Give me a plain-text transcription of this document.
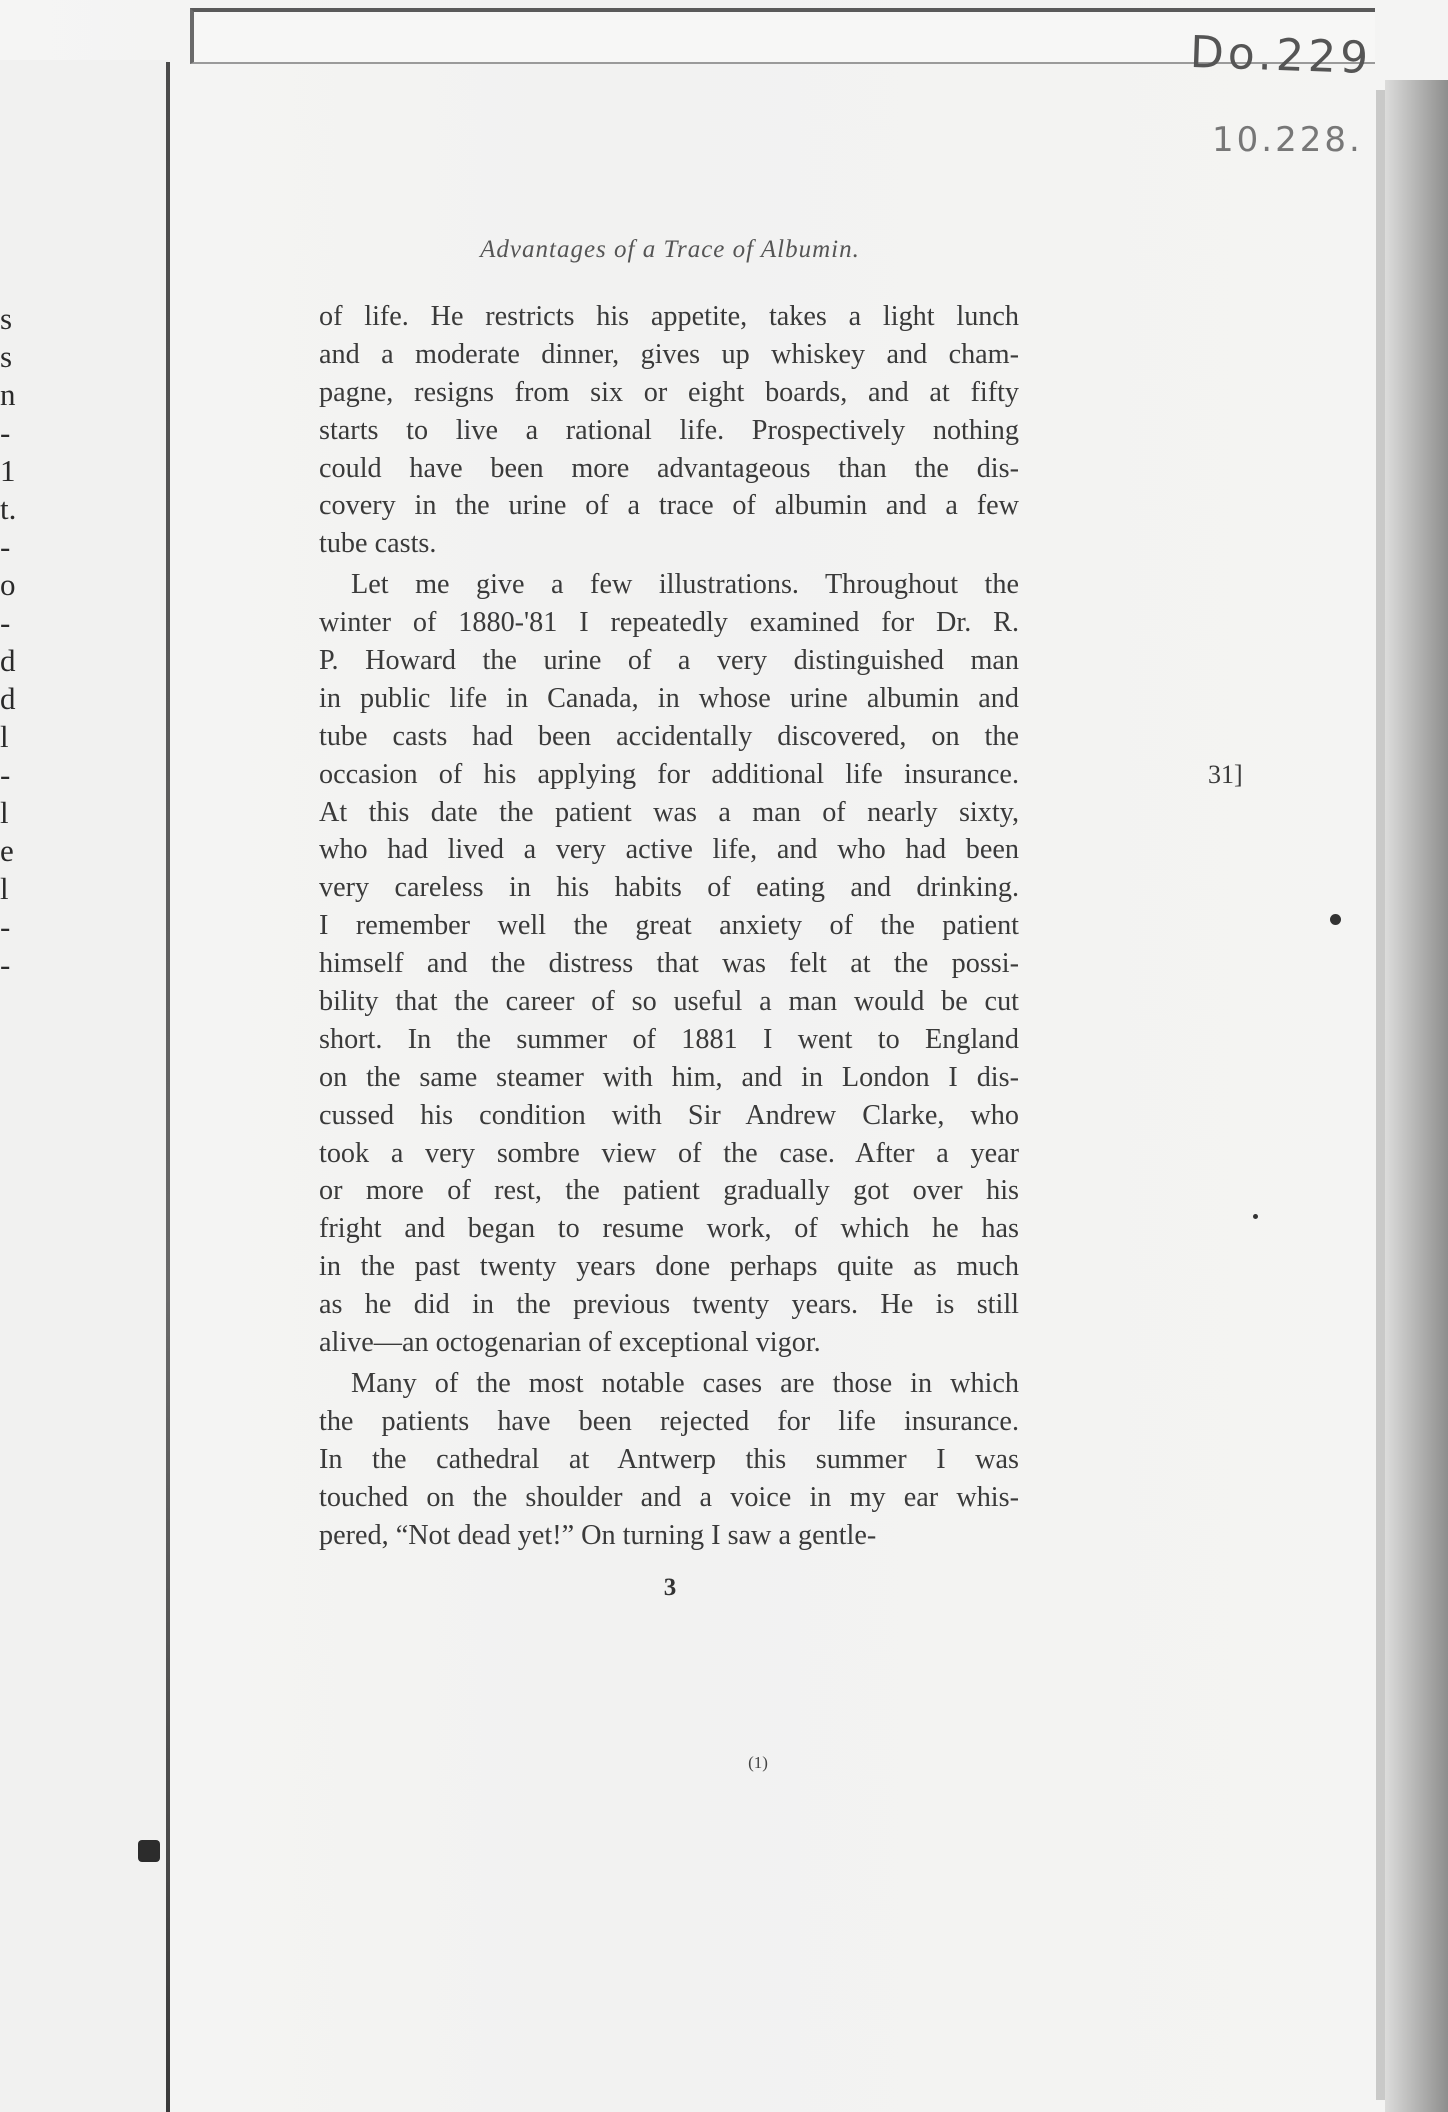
s
s
n
-
1
t.
-
o
-
d
d
l
-
l
e
l
-
-
Do.229
10.228.
31]
Advantages of a Trace of Albumin.
of life. He restricts his appetite, takes a light lunch
and a moderate dinner, gives up whiskey and cham-
pagne, resigns from six or eight boards, and at fifty
starts to live a rational life. Prospectively nothing
could have been more advantageous than the dis-
covery in the urine of a trace of albumin and a few
tube casts.
Let me give a few illustrations. Throughout the
winter of 1880-'81 I repeatedly examined for Dr. R.
P. Howard the urine of a very distinguished man
in public life in Canada, in whose urine albumin and
tube casts had been accidentally discovered, on the
occasion of his applying for additional life insurance.
At this date the patient was a man of nearly sixty,
who had lived a very active life, and who had been
very careless in his habits of eating and drinking.
I remember well the great anxiety of the patient
himself and the distress that was felt at the possi-
bility that the career of so useful a man would be cut
short. In the summer of 1881 I went to England
on the same steamer with him, and in London I dis-
cussed his condition with Sir Andrew Clarke, who
took a very sombre view of the case. After a year
or more of rest, the patient gradually got over his
fright and began to resume work, of which he has
in the past twenty years done perhaps quite as much
as he did in the previous twenty years. He is still
alive—an octogenarian of exceptional vigor.
Many of the most notable cases are those in which
the patients have been rejected for life insurance.
In the cathedral at Antwerp this summer I was
touched on the shoulder and a voice in my ear whis-
pered, “Not dead yet!” On turning I saw a gentle-
3
(1)
